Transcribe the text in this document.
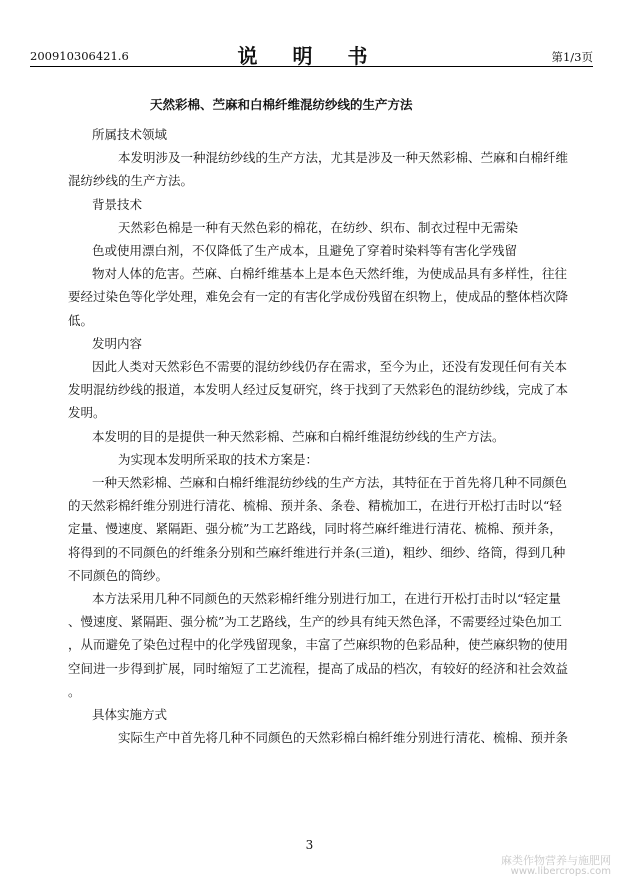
200910306421.6	说 明 书	第1/3页
天然彩棉、苎麻和白棉纤维混纺纱线的生产方法
所属技术领域
本发明涉及一种混纺纱线的生产方法，尤其是涉及一种天然彩棉、苎麻和白棉纤维
混纺纱线的生产方法。
背景技术
天然彩色棉是一种有天然色彩的棉花，在纺纱、织布、制衣过程中无需染
色或使用漂白剂，不仅降低了生产成本，且避免了穿着时染料等有害化学残留
物对人体的危害。苎麻、白棉纤维基本上是本色天然纤维，为使成品具有多样性，往往
要经过染色等化学处理，难免会有一定的有害化学成份残留在织物上，使成品的整体档次降
低。
发明内容
因此人类对天然彩色不需要的混纺纱线仍存在需求，至今为止，还没有发现任何有关本
发明混纺纱线的报道，本发明人经过反复研究，终于找到了天然彩色的混纺纱线，完成了本
发明。
本发明的目的是提供一种天然彩棉、苎麻和白棉纤维混纺纱线的生产方法。
为实现本发明所采取的技术方案是：
一种天然彩棉、苎麻和白棉纤维混纺纱线的生产方法，其特征在于首先将几种不同颜色
的天然彩棉纤维分别进行清花、梳棉、预并条、条卷、精梳加工，在进行开松打击时以“轻
定量、慢速度、紧隔距、强分梳”为工艺路线，同时将苎麻纤维进行清花、梳棉、预并条，
将得到的不同颜色的纤维条分别和苎麻纤维进行并条(三道)，粗纱、细纱、络筒，得到几种
不同颜色的筒纱。
本方法采用几种不同颜色的天然彩棉纤维分别进行加工，在进行开松打击时以“轻定量
、慢速度、紧隔距、强分梳”为工艺路线，生产的纱具有纯天然色泽，不需要经过染色加工
，从而避免了染色过程中的化学残留现象，丰富了苎麻织物的色彩品种，使苎麻织物的使用
空间进一步得到扩展，同时缩短了工艺流程，提高了成品的档次，有较好的经济和社会效益
。
具体实施方式
实际生产中首先将几种不同颜色的天然彩棉白棉纤维分别进行清花、梳棉、预并条
3
麻类作物营养与施肥网
www.libercrops.com
